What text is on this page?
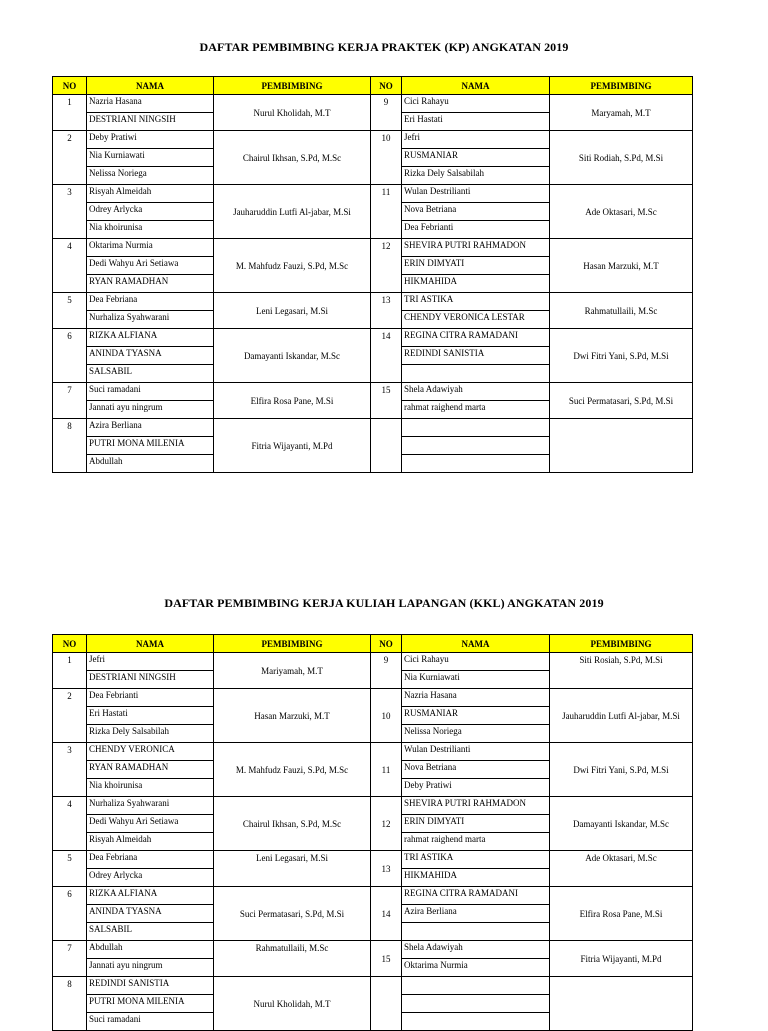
DAFTAR PEMBIMBING KERJA PRAKTEK (KP) ANGKATAN 2019
NO	NAMA	PEMBIMBING	NO	NAMA	PEMBIMBING
1	Nazria Hasana	Nurul Kholidah, M.T	9	Cici Rahayu	Maryamah, M.T
	DESTRIANI NINGSIH			Eri Hastati	
2	Deby Pratiwi	Chairul Ikhsan, S.Pd, M.Sc	10	Jefri	Siti Rodiah, S.Pd, M.Si
	Nia Kurniawati			RUSMANIAR	
	Nelissa Noriega			Rizka Dely Salsabilah	
3	Risyah Almeidah	Jauharuddin Lutfi Al-jabar, M.Si	11	Wulan Destrilianti	Ade Oktasari, M.Sc
	Odrey Arlycka			Nova Betriana	
	Nia khoirunisa			Dea Febrianti	
4	Oktarima Nurmia	M. Mahfudz Fauzi, S.Pd, M.Sc	12	SHEVIRA PUTRI RAHMADON	Hasan Marzuki, M.T
	Dedi Wahyu Ari Setiawa			ERIN DIMYATI	
	RYAN RAMADHAN			HIKMAHIDA	
5	Dea Febriana	Leni Legasari, M.Si	13	TRI ASTIKA	Rahmatullaili, M.Sc
	Nurhaliza Syahwarani			CHENDY VERONICA LESTAR	
6	RIZKA ALFIANA	Damayanti Iskandar, M.Sc	14	REGINA CITRA RAMADANI	Dwi Fitri Yani, S.Pd, M.Si
	ANINDA TYASNA			REDINDI SANISTIA	
	SALSABIL				
7	Suci ramadani	Elfira Rosa Pane, M.Si	15	Shela Adawiyah	Suci Permatasari, S.Pd, M.Si
	Jannati ayu ningrum			rahmat raighend marta	
8	Azira Berliana	Fitria Wijayanti, M.Pd			
	PUTRI MONA MILENIA				
	Abdullah				
DAFTAR PEMBIMBING KERJA KULIAH LAPANGAN (KKL) ANGKATAN 2019
NO	NAMA	PEMBIMBING	NO	NAMA	PEMBIMBING
1	Jefri	Mariyamah, M.T	9	Cici Rahayu	Siti Rosiah, S.Pd, M.Si
	DESTRIANI NINGSIH			Nia Kurniawati	
2	Dea Febrianti	Hasan Marzuki, M.T	10	Nazria Hasana	Jauharuddin Lutfi Al-jabar, M.Si
	Eri Hastati			RUSMANIAR	
	Rizka Dely Salsabilah			Nelissa Noriega	
3	CHENDY VERONICA	M. Mahfudz Fauzi, S.Pd, M.Sc	11	Wulan Destrilianti	Dwi Fitri Yani, S.Pd, M.Si
	RYAN RAMADHAN			Nova Betriana	
	Nia khoirunisa			Deby Pratiwi	
4	Nurhaliza Syahwarani	Chairul Ikhsan, S.Pd, M.Sc	12	SHEVIRA PUTRI RAHMADON	Damayanti Iskandar, M.Sc
	Dedi Wahyu Ari Setiawa			ERIN DIMYATI	
	Risyah Almeidah			rahmat raighend marta	
5	Dea Febriana	Leni Legasari, M.Si	13	TRI ASTIKA	Ade Oktasari, M.Sc
	Odrey Arlycka			HIKMAHIDA	
6	RIZKA ALFIANA	Suci Permatasari, S.Pd, M.Si	14	REGINA CITRA RAMADANI	Elfira Rosa Pane, M.Si
	ANINDA TYASNA			Azira Berliana	
	SALSABIL				
7	Abdullah	Rahmatullaili, M.Sc	15	Shela Adawiyah	Fitria Wijayanti, M.Pd
	Jannati ayu ningrum			Oktarima Nurmia	
8	REDINDI SANISTIA	Nurul Kholidah, M.T			
	PUTRI MONA MILENIA				
	Suci ramadani				
